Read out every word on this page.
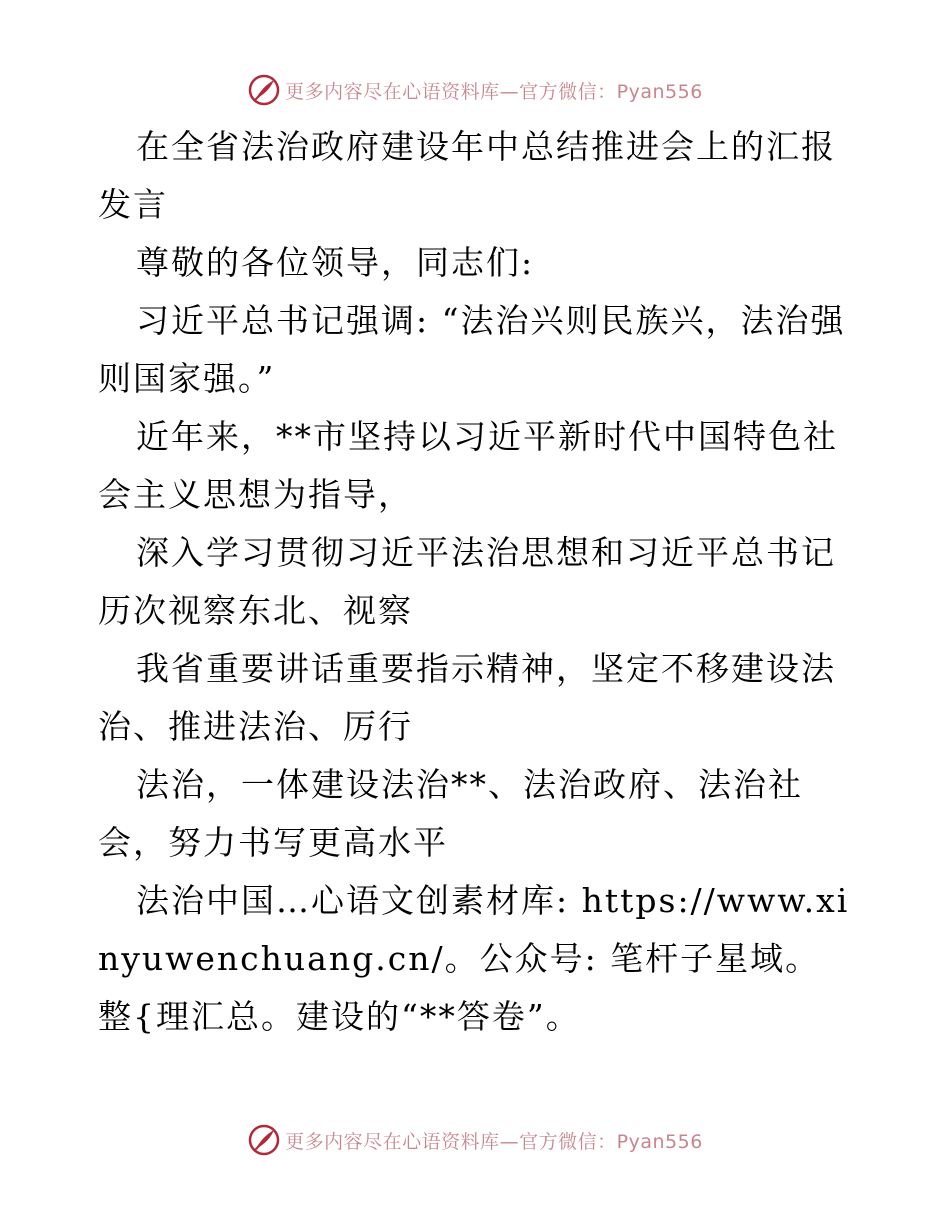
更多内容尽在心语资料库—官方微信：Pyan556

在全省法治政府建设年中总结推进会上的汇报发言

尊敬的各位领导，同志们:

习近平总书记强调: “法治兴则民族兴，法治强则国家强。”

近年来，**市坚持以习近平新时代中国特色社会主义思想为指导，

深入学习贯彻习近平法治思想和习近平总书记历次视察东北、视察

我省重要讲话重要指示精神，坚定不移建设法治、推进法治、厉行

法治，一体建设法治**、法治政府、法治社会，努力书写更高水平

法治中国…心语文创素材库: https://www.xinyuwenchuang.cn/。公众号: 笔杆子星域。整{理汇总。建设的“**答卷”。

更多内容尽在心语资料库—官方微信：Pyan556
